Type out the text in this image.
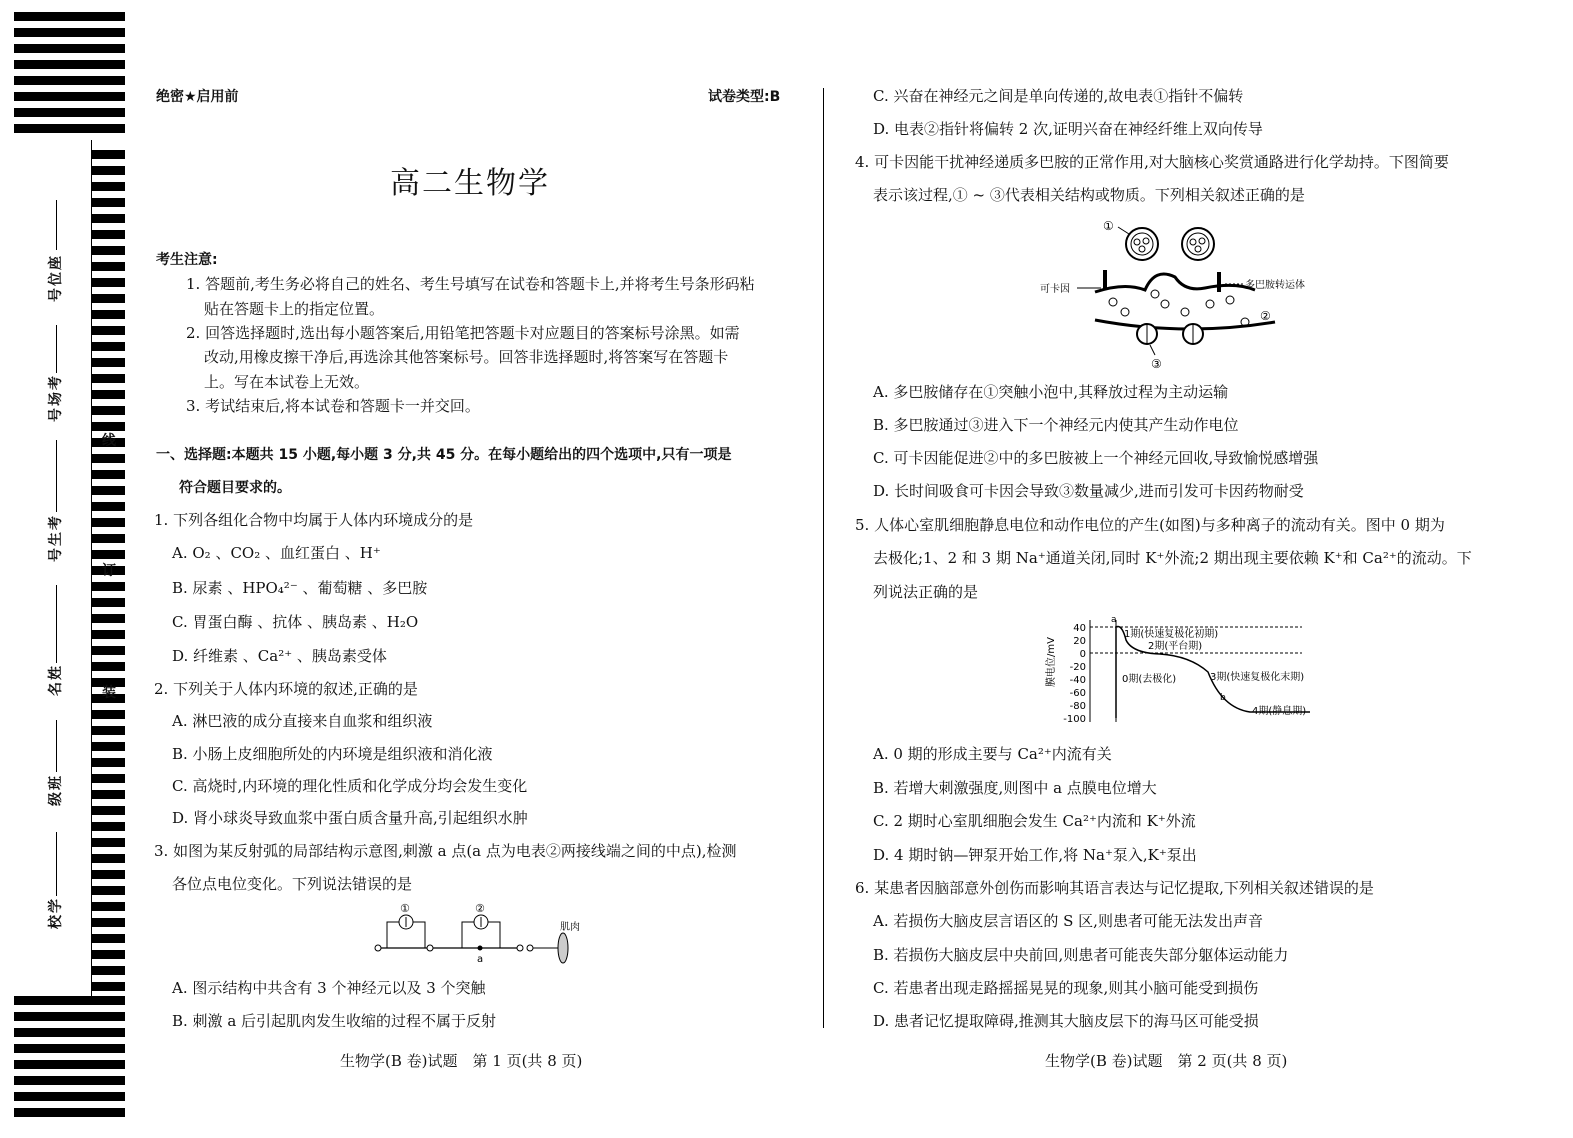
座
位
号
考
场
号
考
生
号
姓
名
班
级
学
校
线
订
装
绝密★启用前	试卷类型:B
高二生物学
考生注意:
1. 答题前,考生务必将自己的姓名、考生号填写在试卷和答题卡上,并将考生号条形码粘
贴在答题卡上的指定位置。
2. 回答选择题时,选出每小题答案后,用铅笔把答题卡对应题目的答案标号涂黑。如需
改动,用橡皮擦干净后,再选涂其他答案标号。回答非选择题时,将答案写在答题卡
上。写在本试卷上无效。
3. 考试结束后,将本试卷和答题卡一并交回。
一、选择题:本题共 15 小题,每小题 3 分,共 45 分。在每小题给出的四个选项中,只有一项是
符合题目要求的。
1. 下列各组化合物中均属于人体内环境成分的是
A. O₂ 、CO₂ 、血红蛋白 、H⁺
B. 尿素 、HPO₄²⁻ 、葡萄糖 、多巴胺
C. 胃蛋白酶 、抗体 、胰岛素 、H₂O
D. 纤维素 、Ca²⁺ 、胰岛素受体
2. 下列关于人体内环境的叙述,正确的是
A. 淋巴液的成分直接来自血浆和组织液
B. 小肠上皮细胞所处的内环境是组织液和消化液
C. 高烧时,内环境的理化性质和化学成分均会发生变化
D. 肾小球炎导致血浆中蛋白质含量升高,引起组织水肿
3. 如图为某反射弧的局部结构示意图,刺激 a 点(a 点为电表②两接线端之间的中点),检测
各位点电位变化。下列说法错误的是
①	②
a
肌肉
A. 图示结构中共含有 3 个神经元以及 3 个突触
B. 刺激 a 后引起肌肉发生收缩的过程不属于反射
C. 兴奋在神经元之间是单向传递的,故电表①指针不偏转
D. 电表②指针将偏转 2 次,证明兴奋在神经纤维上双向传导
4. 可卡因能干扰神经递质多巴胺的正常作用,对大脑核心奖赏通路进行化学劫持。下图简要
表示该过程,① ~ ③代表相关结构或物质。下列相关叙述正确的是
①
可卡因	多巴胺转运体
③
②
A. 多巴胺储存在①突触小泡中,其释放过程为主动运输
B. 多巴胺通过③进入下一个神经元内使其产生动作电位
C. 可卡因能促进②中的多巴胺被上一个神经元回收,导致愉悦感增强
D. 长时间吸食可卡因会导致③数量减少,进而引发可卡因药物耐受
5. 人体心室肌细胞静息电位和动作电位的产生(如图)与多种离子的流动有关。图中 0 期为
去极化;1、2 和 3 期 Na⁺通道关闭,同时 K⁺外流;2 期出现主要依赖 K⁺和 Ca²⁺的流动。下
列说法正确的是
膜电位/mV
40
20
0
-20
-40
-60
-80
-100
a
b
1期(快速复极化初期)
2期(平台期)
0期(去极化)	3期(快速复极化末期)
4期(静息期)
A. 0 期的形成主要与 Ca²⁺内流有关
B. 若增大刺激强度,则图中 a 点膜电位增大
C. 2 期时心室肌细胞会发生 Ca²⁺内流和 K⁺外流
D. 4 期时钠—钾泵开始工作,将 Na⁺泵入,K⁺泵出
6. 某患者因脑部意外创伤而影响其语言表达与记忆提取,下列相关叙述错误的是
A. 若损伤大脑皮层言语区的 S 区,则患者可能无法发出声音
B. 若损伤大脑皮层中央前回,则患者可能丧失部分躯体运动能力
C. 若患者出现走路摇摇晃晃的现象,则其小脑可能受到损伤
D. 患者记忆提取障碍,推测其大脑皮层下的海马区可能受损
生物学(B 卷)试题　第 1 页(共 8 页)	生物学(B 卷)试题　第 2 页(共 8 页)
